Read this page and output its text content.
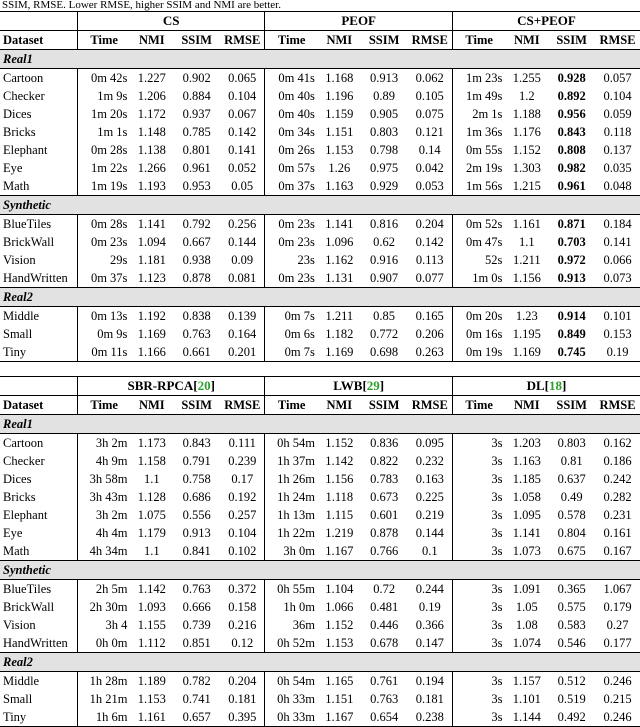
SSIM, RMSE. Lower RMSE, higher SSIM and NMI are better.
	CS				PEOF				CS+PEOF			
Dataset	Time	NMI	SSIM	RMSE	Time	NMI	SSIM	RMSE	Time	NMI	SSIM	RMSE
Real1												
Cartoon	0m 42s	1.227	0.902	0.065	0m 41s	1.168	0.913	0.062	1m 23s	1.255	0.928	0.057
Checker	1m 9s	1.206	0.884	0.104	0m 40s	1.196	0.89	0.105	1m 49s	1.2	0.892	0.104
Dices	1m 20s	1.172	0.937	0.067	0m 40s	1.159	0.905	0.075	2m 1s	1.188	0.956	0.059
Bricks	1m 1s	1.148	0.785	0.142	0m 34s	1.151	0.803	0.121	1m 36s	1.176	0.843	0.118
Elephant	0m 28s	1.138	0.801	0.141	0m 26s	1.153	0.798	0.14	0m 55s	1.152	0.808	0.137
Eye	1m 22s	1.266	0.961	0.052	0m 57s	1.26	0.975	0.042	2m 19s	1.303	0.982	0.035
Math	1m 19s	1.193	0.953	0.05	0m 37s	1.163	0.929	0.053	1m 56s	1.215	0.961	0.048
Synthetic												
BlueTiles	0m 28s	1.141	0.792	0.256	0m 23s	1.141	0.816	0.204	0m 52s	1.161	0.871	0.184
BrickWall	0m 23s	1.094	0.667	0.144	0m 23s	1.096	0.62	0.142	0m 47s	1.1	0.703	0.141
Vision	29s	1.181	0.938	0.09	23s	1.162	0.916	0.113	52s	1.211	0.972	0.066
HandWritten	0m 37s	1.123	0.878	0.081	0m 23s	1.131	0.907	0.077	1m 0s	1.156	0.913	0.073
Real2												
Middle	0m 13s	1.192	0.838	0.139	0m 7s	1.211	0.85	0.165	0m 20s	1.23	0.914	0.101
Small	0m 9s	1.169	0.763	0.164	0m 6s	1.182	0.772	0.206	0m 16s	1.195	0.849	0.153
Tiny	0m 11s	1.166	0.661	0.201	0m 7s	1.169	0.698	0.263	0m 19s	1.169	0.745	0.19
	SBR-RPCA[20]				LWB[29]				DL[18]			
Dataset	Time	NMI	SSIM	RMSE	Time	NMI	SSIM	RMSE	Time	NMI	SSIM	RMSE
Real1												
Cartoon	3h 2m	1.173	0.843	0.111	0h 54m	1.152	0.836	0.095	3s	1.203	0.803	0.162
Checker	4h 9m	1.158	0.791	0.239	1h 37m	1.142	0.822	0.232	3s	1.163	0.81	0.186
Dices	3h 58m	1.1	0.758	0.17	1h 26m	1.156	0.783	0.163	3s	1.185	0.637	0.242
Bricks	3h 43m	1.128	0.686	0.192	1h 24m	1.118	0.673	0.225	3s	1.058	0.49	0.282
Elephant	3h 2m	1.075	0.556	0.257	1h 13m	1.115	0.601	0.219	3s	1.095	0.578	0.231
Eye	4h 4m	1.179	0.913	0.104	1h 22m	1.219	0.878	0.144	3s	1.141	0.804	0.161
Math	4h 34m	1.1	0.841	0.102	3h 0m	1.167	0.766	0.1	3s	1.073	0.675	0.167
Synthetic												
BlueTiles	2h 5m	1.142	0.763	0.372	0h 55m	1.104	0.72	0.244	3s	1.091	0.365	1.067
BrickWall	2h 30m	1.093	0.666	0.158	1h 0m	1.066	0.481	0.19	3s	1.05	0.575	0.179
Vision	3h 4	1.155	0.739	0.216	36m	1.152	0.446	0.366	3s	1.08	0.583	0.27
HandWritten	0h 0m	1.112	0.851	0.12	0h 52m	1.153	0.678	0.147	3s	1.074	0.546	0.177
Real2												
Middle	1h 28m	1.189	0.782	0.204	0h 54m	1.165	0.761	0.194	3s	1.157	0.512	0.246
Small	1h 21m	1.153	0.741	0.181	0h 33m	1.151	0.763	0.181	3s	1.101	0.519	0.215
Tiny	1h 6m	1.161	0.657	0.395	0h 33m	1.167	0.654	0.238	3s	1.144	0.492	0.246
